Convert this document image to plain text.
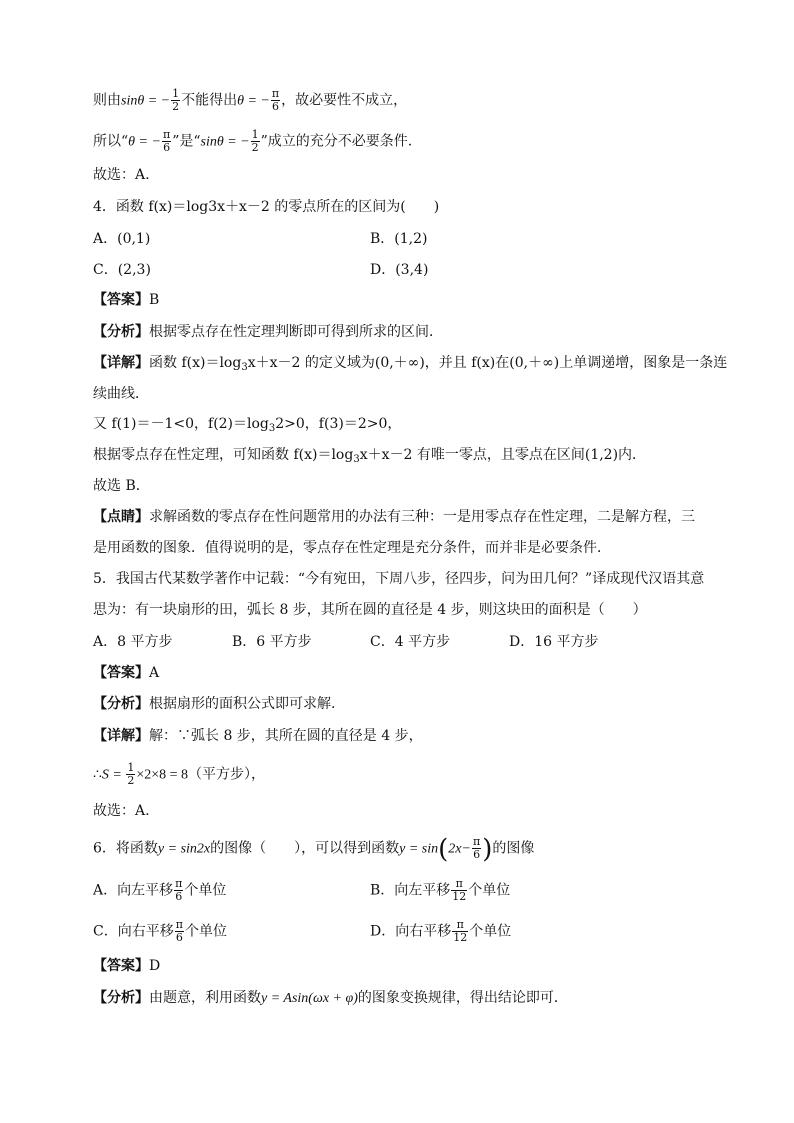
则由sinθ = − $\frac{1}{2}$ 不能得出θ = − $\frac{\pi}{6}$ ，故必要性不成立，
所以“θ = − $\frac{\pi}{6}$ ”是“sinθ = − $\frac{1}{2}$ ”成立的充分不必要条件.
故选：A.
4．函数 f(x)＝log3x＋x－2 的零点所在的区间为(　　)
A．(0,1)	B．(1,2)
C．(2,3)	D．(3,4)
【答案】B
【分析】根据零点存在性定理判断即可得到所求的区间．
【详解】函数 $f(x)=\log_3x+x-2$ 的定义域为(0,＋∞)，并且 f(x)在(0,＋∞)上单调递增，图象是一条连
续曲线．
又 f(1)＝－1<0，$f(2)=\log_32>0$，f(3)＝2>0，
根据零点存在性定理，可知函数 $f(x)=\log_3x+x-2$ 有唯一零点，且零点在区间(1,2)内．
故选 B．
【点睛】求解函数的零点存在性问题常用的办法有三种：一是用零点存在性定理，二是解方程，三
是用函数的图象．值得说明的是，零点存在性定理是充分条件，而并非是必要条件．
5．我国古代某数学著作中记载：“今有宛田，下周八步，径四步，问为田几何？”译成现代汉语其意
思为：有一块扇形的田，弧长 8 步，其所在圆的直径是 4 步，则这块田的面积是（　　）
A．8 平方步	B．6 平方步	C．4 平方步	D．16 平方步
【答案】A
【分析】根据扇形的面积公式即可求解.
【详解】解：∵弧长 8 步，其所在圆的直径是 4 步，
∴S = $\frac{1}{2} \times 2\times 8 = 8$（平方步），
故选：A.
6．将函数y = sin2x的图像（　　），可以得到函数$y = \sin(2x- \frac{\pi}{6}$ )的图像
A．向左平移 $\frac{\pi}{6}$ 个单位	B．向左平移 $\frac{\pi}{12}$ 个单位
C．向右平移 $\frac{\pi}{6}$ 个单位	D．向右平移 $\frac{\pi}{12}$ 个单位
【答案】D
【分析】由题意，利用函数y = Asin(ωx + φ)的图象变换规律，得出结论即可．
